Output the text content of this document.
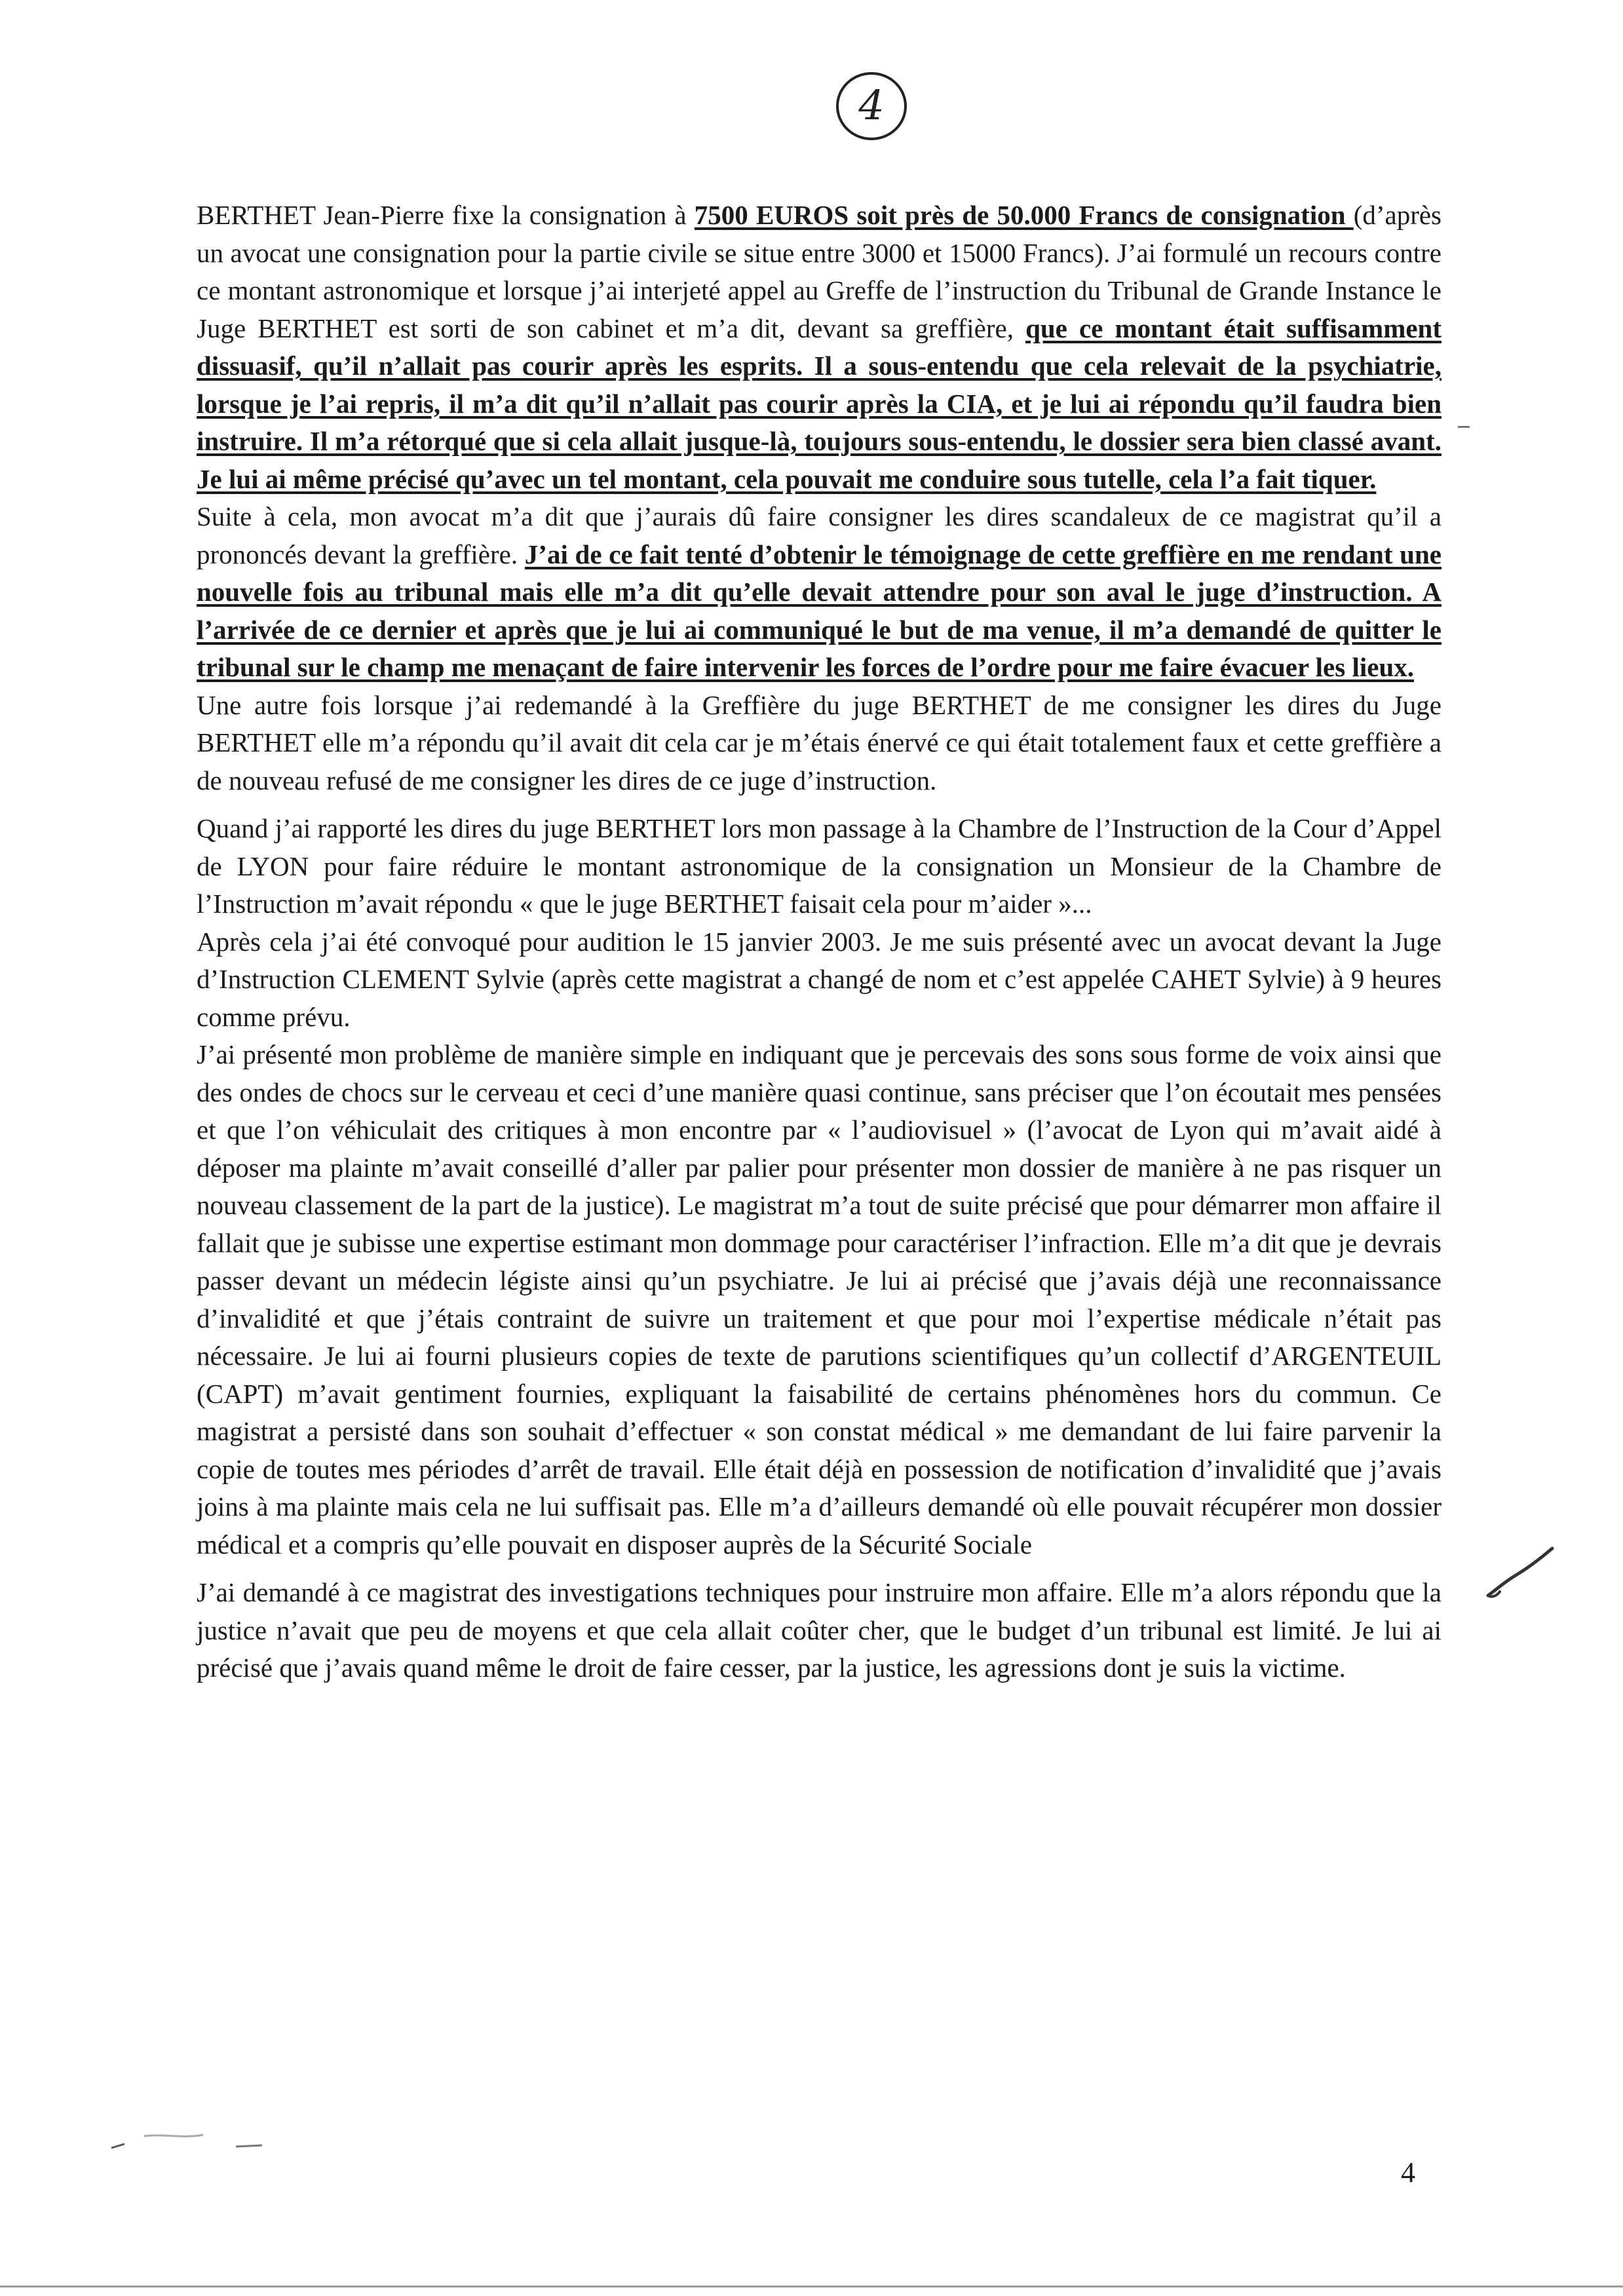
4

BERTHET Jean-Pierre fixe la consignation à 7500 EUROS soit près de 50.000 Francs de consignation (d’après un avocat une consignation pour la partie civile se situe entre 3000 et 15000 Francs). J’ai formulé un recours contre ce montant astronomique et lorsque j’ai interjeté appel au Greffe de l’instruction du Tribunal de Grande Instance le Juge BERTHET est sorti de son cabinet et m’a dit, devant sa greffière, que ce montant était suffisamment dissuasif, qu’il n’allait pas courir après les esprits. Il a sous-entendu que cela relevait de la psychiatrie, lorsque je l’ai repris, il m’a dit qu’il n’allait pas courir après la CIA, et je lui ai répondu qu’il faudra bien instruire. Il m’a rétorqué que si cela allait jusque-là, toujours sous-entendu, le dossier sera bien classé avant. Je lui ai même précisé qu’avec un tel montant, cela pouvait me conduire sous tutelle, cela l’a fait tiquer.

Suite à cela, mon avocat m’a dit que j’aurais dû faire consigner les dires scandaleux de ce magistrat qu’il a prononcés devant la greffière. J’ai de ce fait tenté d’obtenir le témoignage de cette greffière en me rendant une nouvelle fois au tribunal mais elle m’a dit qu’elle devait attendre pour son aval le juge d’instruction. A l’arrivée de ce dernier et après que je lui ai communiqué le but de ma venue, il m’a demandé de quitter le tribunal sur le champ me menaçant de faire intervenir les forces de l’ordre pour me faire évacuer les lieux.

Une autre fois lorsque j’ai redemandé à la Greffière du juge BERTHET de me consigner les dires du Juge BERTHET elle m’a répondu qu’il avait dit cela car je m’étais énervé ce qui était totalement faux et cette greffière a de nouveau refusé de me consigner les dires de ce juge d’instruction.

Quand j’ai rapporté les dires du juge BERTHET lors mon passage à la Chambre de l’Instruction de la Cour d’Appel de LYON pour faire réduire le montant astronomique de la consignation un Monsieur de la Chambre de l’Instruction m’avait répondu « que le juge BERTHET faisait cela pour m’aider »...

Après cela j’ai été convoqué pour audition le 15 janvier 2003. Je me suis présenté avec un avocat devant la Juge d’Instruction CLEMENT Sylvie (après cette magistrat a changé de nom et c’est appelée CAHET Sylvie) à 9 heures comme prévu.

J’ai présenté mon problème de manière simple en indiquant que je percevais des sons sous forme de voix ainsi que des ondes de chocs sur le cerveau et ceci d’une manière quasi continue, sans préciser que l’on écoutait mes pensées et que l’on véhiculait des critiques à mon encontre par « l’audiovisuel » (l’avocat de Lyon qui m’avait aidé à déposer ma plainte m’avait conseillé d’aller par palier pour présenter mon dossier de manière à ne pas risquer un nouveau classement de la part de la justice). Le magistrat m’a tout de suite précisé que pour démarrer mon affaire il fallait que je subisse une expertise estimant mon dommage pour caractériser l’infraction. Elle m’a dit que je devrais passer devant un médecin légiste ainsi qu’un psychiatre. Je lui ai précisé que j’avais déjà une reconnaissance d’invalidité et que j’étais contraint de suivre un traitement et que pour moi l’expertise médicale n’était pas nécessaire. Je lui ai fourni plusieurs copies de texte de parutions scientifiques qu’un collectif d’ARGENTEUIL (CAPT) m’avait gentiment fournies, expliquant la faisabilité de certains phénomènes hors du commun. Ce magistrat a persisté dans son souhait d’effectuer « son constat médical » me demandant de lui faire parvenir la copie de toutes mes périodes d’arrêt de travail. Elle était déjà en possession de notification d’invalidité que j’avais joins à ma plainte mais cela ne lui suffisait pas. Elle m’a d’ailleurs demandé où elle pouvait récupérer mon dossier médical et a compris qu’elle pouvait en disposer auprès de la Sécurité Sociale

J’ai demandé à ce magistrat des investigations techniques pour instruire mon affaire. Elle m’a alors répondu que la justice n’avait que peu de moyens et que cela allait coûter cher, que le budget d’un tribunal est limité. Je lui ai précisé que j’avais quand même le droit de faire cesser, par la justice, les agressions dont je suis la victime.

4
